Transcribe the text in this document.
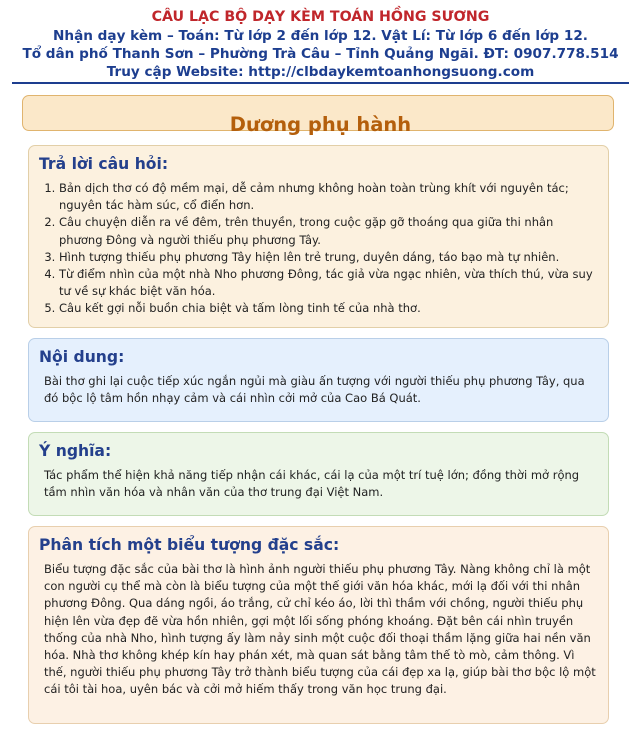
CÂU LẠC BỘ DẠY KÈM TOÁN HỒNG SƯƠNG
Nhận dạy kèm – Toán: Từ lớp 2 đến lớp 12. Vật Lí: Từ lớp 6 đến lớp 12.
Tổ dân phố Thanh Sơn – Phường Trà Câu – Tỉnh Quảng Ngãi. ĐT: 0907.778.514
Truy cập Website: http://clbdaykemtoanhongsuong.com
Dương phụ hành
Trả lời câu hỏi:
1. Bản dịch thơ có độ mềm mại, dễ cảm nhưng không hoàn toàn trùng khít với nguyên tác; nguyên tác hàm súc, cổ điển hơn.
2. Câu chuyện diễn ra về đêm, trên thuyền, trong cuộc gặp gỡ thoáng qua giữa thi nhân phương Đông và người thiếu phụ phương Tây.
3. Hình tượng thiếu phụ phương Tây hiện lên trẻ trung, duyên dáng, táo bạo mà tự nhiên.
4. Từ điểm nhìn của một nhà Nho phương Đông, tác giả vừa ngạc nhiên, vừa thích thú, vừa suy tư về sự khác biệt văn hóa.
5. Câu kết gợi nỗi buồn chia biệt và tấm lòng tinh tế của nhà thơ.
Nội dung:

Bài thơ ghi lại cuộc tiếp xúc ngắn ngủi mà giàu ấn tượng với người thiếu phụ phương Tây, qua đó bộc lộ tâm hồn nhạy cảm và cái nhìn cởi mở của Cao Bá Quát.

Ý nghĩa:

Tác phẩm thể hiện khả năng tiếp nhận cái khác, cái lạ của một trí tuệ lớn; đồng thời mở rộng tầm nhìn văn hóa và nhân văn của thơ trung đại Việt Nam.

Phân tích một biểu tượng đặc sắc:

Biểu tượng đặc sắc của bài thơ là hình ảnh người thiếu phụ phương Tây. Nàng không chỉ là một con người cụ thể mà còn là biểu tượng của một thế giới văn hóa khác, mới lạ đối với thi nhân phương Đông. Qua dáng ngồi, áo trắng, cử chỉ kéo áo, lời thì thầm với chồng, người thiếu phụ hiện lên vừa đẹp đẽ vừa hồn nhiên, gợi một lối sống phóng khoáng. Đặt bên cái nhìn truyền thống của nhà Nho, hình tượng ấy làm nảy sinh một cuộc đối thoại thầm lặng giữa hai nền văn hóa. Nhà thơ không khép kín hay phán xét, mà quan sát bằng tâm thế tò mò, cảm thông. Vì thế, người thiếu phụ phương Tây trở thành biểu tượng của cái đẹp xa lạ, giúp bài thơ bộc lộ một cái tôi tài hoa, uyên bác và cởi mở hiếm thấy trong văn học trung đại.
